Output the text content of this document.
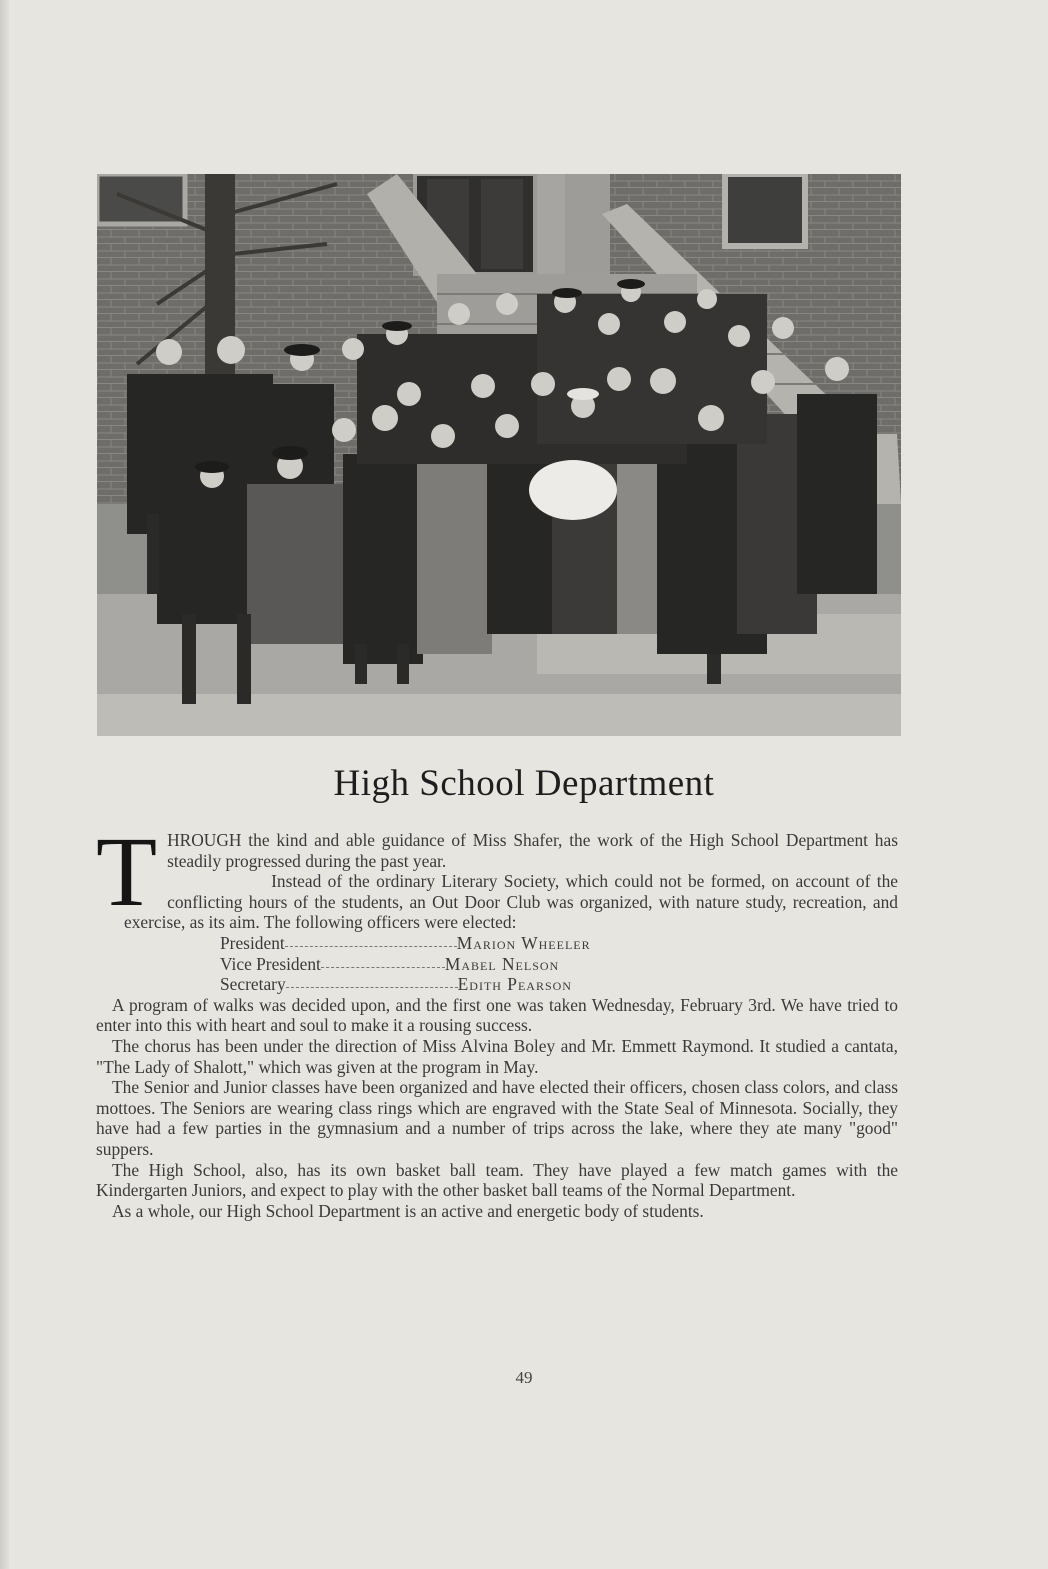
High School Department
T HROUGH the kind and able guidance of Miss Shafer, the work of the High School Department has steadily progressed during the past year.

Instead of the ordinary Literary Society, which could not be formed, on account of the conflicting hours of the students, an Out Door Club was organized, with nature study, recreation, and exercise, as its aim. The following officers were elected:

President	Marion Wheeler
Vice President	Mabel Nelson
Secretary	Edith Pearson

A program of walks was decided upon, and the first one was taken Wednesday, February 3rd. We have tried to enter into this with heart and soul to make it a rousing success.

The chorus has been under the direction of Miss Alvina Boley and Mr. Emmett Raymond. It studied a cantata, "The Lady of Shalott," which was given at the program in May.

The Senior and Junior classes have been organized and have elected their officers, chosen class colors, and class mottoes. The Seniors are wearing class rings which are engraved with the State Seal of Minnesota. Socially, they have had a few parties in the gymnasium and a number of trips across the lake, where they ate many "good" suppers.

The High School, also, has its own basket ball team. They have played a few match games with the Kindergarten Juniors, and expect to play with the other basket ball teams of the Normal Department.

As a whole, our High School Department is an active and energetic body of students.

49
